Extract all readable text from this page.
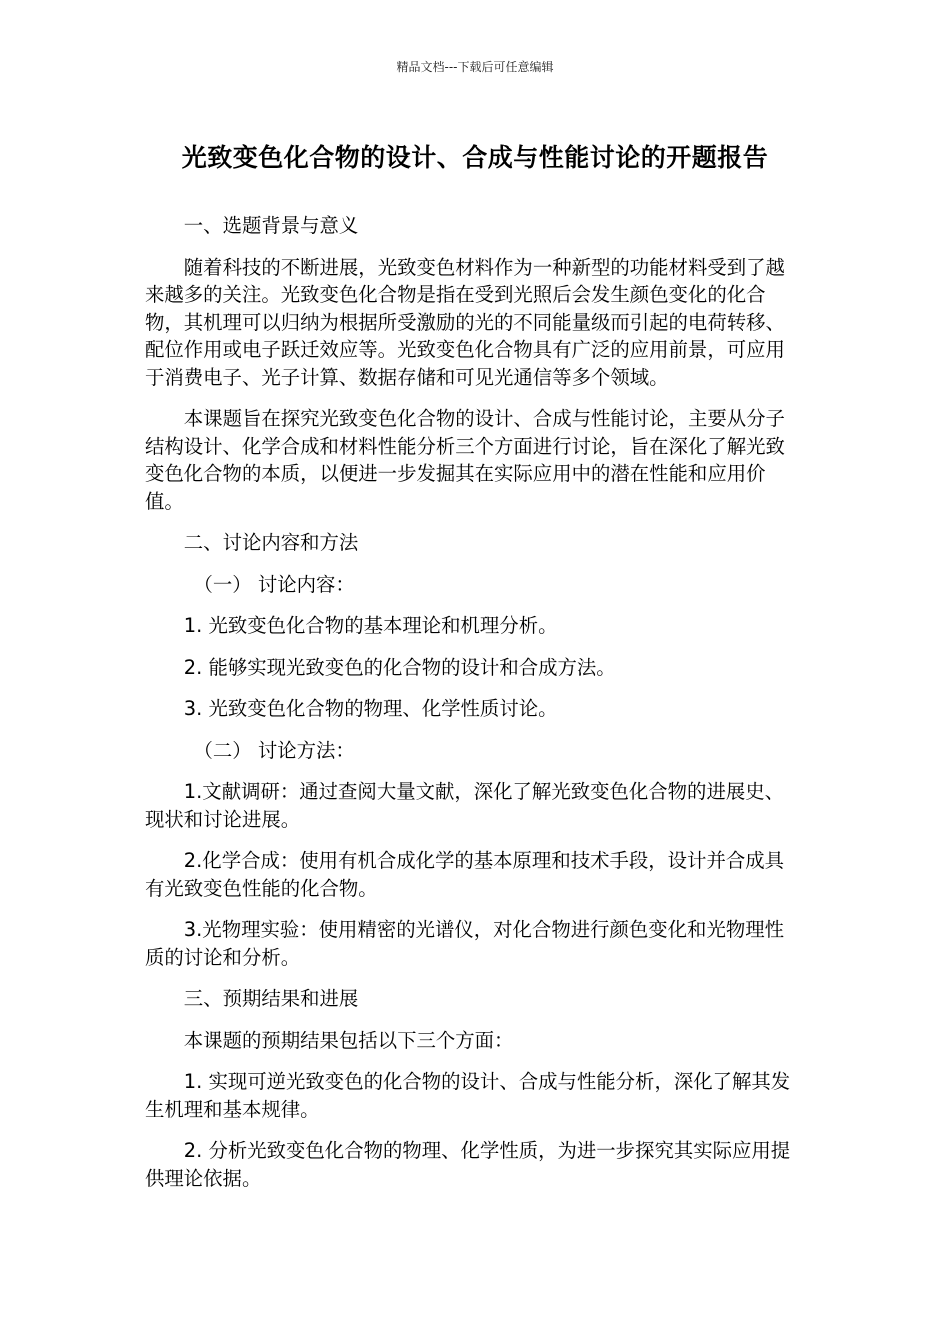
精品文档---下载后可任意编辑
光致变色化合物的设计、合成与性能讨论的开题报告

一、选题背景与意义

随着科技的不断进展，光致变色材料作为一种新型的功能材料受到了越来越多的关注。光致变色化合物是指在受到光照后会发生颜色变化的化合物，其机理可以归纳为根据所受激励的光的不同能量级而引起的电荷转移、配位作用或电子跃迁效应等。光致变色化合物具有广泛的应用前景，可应用于消费电子、光子计算、数据存储和可见光通信等多个领域。

本课题旨在探究光致变色化合物的设计、合成与性能讨论，主要从分子结构设计、化学合成和材料性能分析三个方面进行讨论，旨在深化了解光致变色化合物的本质，以便进一步发掘其在实际应用中的潜在性能和应用价值。

二、讨论内容和方法

（一） 讨论内容：

1. 光致变色化合物的基本理论和机理分析。

2. 能够实现光致变色的化合物的设计和合成方法。

3. 光致变色化合物的物理、化学性质讨论。

（二） 讨论方法：

1.文献调研：通过查阅大量文献，深化了解光致变色化合物的进展史、现状和讨论进展。

2.化学合成：使用有机合成化学的基本原理和技术手段，设计并合成具有光致变色性能的化合物。

3.光物理实验：使用精密的光谱仪，对化合物进行颜色变化和光物理性质的讨论和分析。

三、预期结果和进展

本课题的预期结果包括以下三个方面：

1. 实现可逆光致变色的化合物的设计、合成与性能分析，深化了解其发生机理和基本规律。

2. 分析光致变色化合物的物理、化学性质，为进一步探究其实际应用提供理论依据。
